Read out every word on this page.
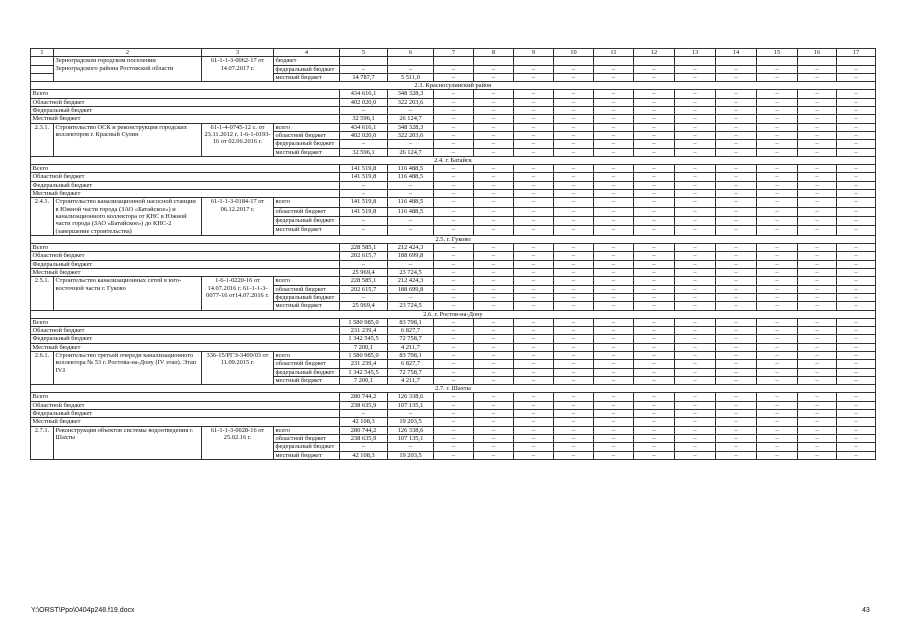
1	2	3	4	5	6	7	8	9	10	11	12	13	14	15	16	17
	Зерноградском городском поселении Зерноградского района Ростовской области	61-1-1-3-0062-17 от 14.07.2017 г.	бюджет													
			федеральный бюджет	–	–	–	–	–	–	–	–	–	–	–	–	–
			местный бюджет	14 787,7	5 511,0	–	–	–	–	–	–	–	–	–	–	–
2.3. Красносулинский район																
Всего				434 616,1	348 328,3	–	–	–	–	–	–	–	–	–	–	–
Областной бюджет				402 020,0	322 203,6	–	–	–	–	–	–	–	–	–	–	–
Федеральный бюджет				–	–	–	–	–	–	–	–	–	–	–	–	–
Местный бюджет				32 596,1	26 124,7	–	–	–	–	–	–	–	–	–	–	–
2.3.1.	Строительство ОСК и реконструкция городских коллекторов г. Красный Сулин	61-1-4-0745-12 с. от 23.11.2012 г. 1-6-1-0193-16 от 02.06.2016 г.	всего	434 616,1	348 328,3	–	–	–	–	–	–	–	–	–	–	–
			областной бюджет	402 020,0	322 203,6	–	–	–	–	–	–	–	–	–	–	–
			федеральный бюджет	–	–	–	–	–	–	–	–	–	–	–	–	–
			местный бюджет	32 596,1	26 124,7	–	–	–	–	–	–	–	–	–	–	–
2.4. г. Батайск																
Всего				141 519,8	116 488,5	–	–	–	–	–	–	–	–	–	–	–
Областной бюджет				141 519,8	116 488,5	–	–	–	–	–	–	–	–	–	–	–
Федеральный бюджет				–	–	–	–	–	–	–	–	–	–	–	–	–
Местный бюджет				–	–	–	–	–	–	–	–	–	–	–	–	–
2.4.1.	Строительство канализационной насосной станции в Южной части города (ЗАО «Батайское») и канализационного коллектора от КНС в Южной части города (ЗАО «Батайское») до КНС-2 (завершение строительства)	61-1-1-3-0184-17 от 06.12.2017 г.	всего	141 519,8	116 488,5	–	–	–	–	–	–	–	–	–	–	–
			областной бюджет	141 519,8	116 488,5	–	–	–	–	–	–	–	–	–	–	–
			федеральный бюджет	–	–	–	–	–	–	–	–	–	–	–	–	–
			местный бюджет	–	–	–	–	–	–	–	–	–	–	–	–	–
2.5. г. Гуково																
Всего				228 585,1	212 424,3	–	–	–	–	–	–	–	–	–	–	–
Областной бюджет				202 615,7	188 699,8	–	–	–	–	–	–	–	–	–	–	–
Федеральный бюджет				–	–	–	–	–	–	–	–	–	–	–	–	–
Местный бюджет				25 969,4	23 724,5	–	–	–	–	–	–	–	–	–	–	–
2.5.1.	Строительство канализационных сетей в юго-восточной части г. Гуково	1-6-1-0220-16 от 14.07.2016 г. 61-1-1-3-0077-16 от14.07.2016 г.	всего	228 585,1	212 424,3	–	–	–	–	–	–	–	–	–	–	–
			областной бюджет	202 615,7	188 699,8	–	–	–	–	–	–	–	–	–	–	–
			федеральный бюджет	–	–	–	–	–	–	–	–	–	–	–	–	–
			местный бюджет	25 969,4	23 724,5	–	–	–	–	–	–	–	–	–	–	–
2.6. г. Ростов-на-Дону																
Всего				1 580 985,0	83 798,1	–	–	–	–	–	–	–	–	–	–	–
Областной бюджет				231 239,4	6 827,7	–	–	–	–	–	–	–	–	–	–	–
Федеральный бюджет				1 342 545,5	72 758,7	–	–	–	–	–	–	–	–	–	–	–
Местный бюджет				7 200,1	4 211,7	–	–	–	–	–	–	–	–	–	–	–
2.6.1.	Строительство третьей очереди канализационного коллектора № 53 г. Ростова-на-Дону (IV этап). Этап IV.I	336-15/РГЭ-3409/03 от 11.09.2015 г.	всего	1 580 985,0	83 798,1	–	–	–	–	–	–	–	–	–	–	–
			областной бюджет	231 239,4	6 827,7	–	–	–	–	–	–	–	–	–	–	–
			федеральный бюджет	1 342 545,5	72 758,7	–	–	–	–	–	–	–	–	–	–	–
			местный бюджет	7 200,1	4 211,7	–	–	–	–	–	–	–	–	–	–	–
2.7. г. Шахты																
Всего				280 744,2	126 338,6	–	–	–	–	–	–	–	–	–	–	–
Областной бюджет				238 635,9	107 135,1	–	–	–	–	–	–	–	–	–	–	–
Федеральный бюджет				–	–	–	–	–	–	–	–	–	–	–	–	–
Местный бюджет				42 108,3	19 203,5	–	–	–	–	–	–	–	–	–	–	–
2.7.1.	Реконструкция объектов системы водоотведения г. Шахты	61-1-1-3-0028-16 от 25.02.16 г.	всего	280 744,2	126 338,6	–	–	–	–	–	–	–	–	–	–	–
			областной бюджет	238 635,9	107 135,1	–	–	–	–	–	–	–	–	–	–	–
			федеральный бюджет	–	–	–	–	–	–	–	–	–	–	–	–	–
			местный бюджет	42 108,3	19 203,5	–	–	–	–	–	–	–	–	–	–	–
Y:\ORST\Ppo\0404p248.f19.docx	43
